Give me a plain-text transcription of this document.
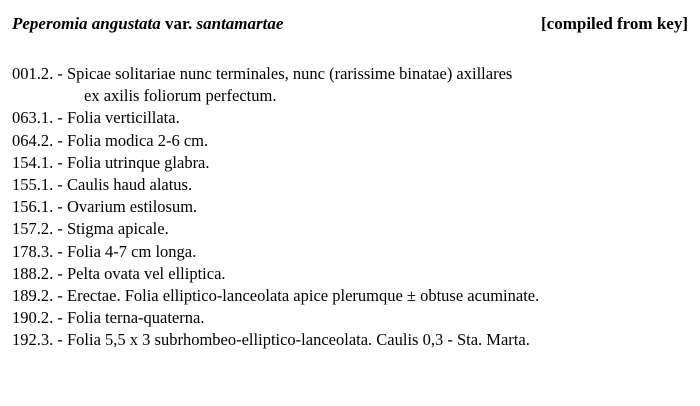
Peperomia angustata var. santamartae	[compiled from key]
001.2. - Spicae solitariae nunc terminales, nunc (rarissime binatae) axillares
ex axilis foliorum perfectum.
063.1. - Folia verticillata.
064.2. - Folia modica 2-6 cm.
154.1. - Folia utrinque glabra.
155.1. - Caulis haud alatus.
156.1. - Ovarium estilosum.
157.2. - Stigma apicale.
178.3. - Folia 4-7 cm longa.
188.2. - Pelta ovata vel elliptica.
189.2. - Erectae. Folia elliptico-lanceolata apice plerumque ± obtuse acuminate.
190.2. - Folia terna-quaterna.
192.3. - Folia 5,5 x 3 subrhombeo-elliptico-lanceolata. Caulis 0,3 - Sta. Marta.
